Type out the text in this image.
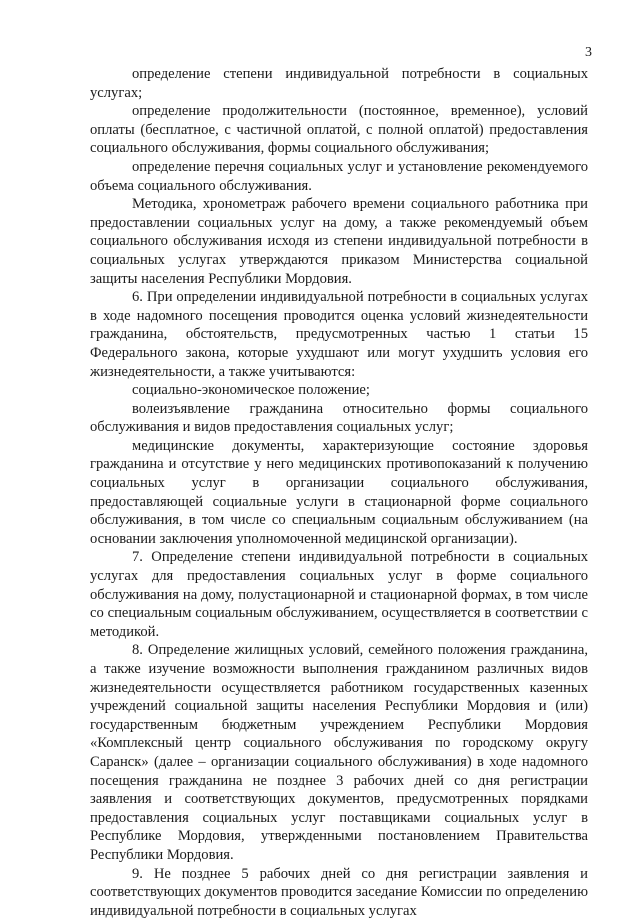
3

определение степени индивидуальной потребности в социальных услугах;

определение продолжительности (постоянное, временное), условий оплаты (бесплатное, с частичной оплатой, с полной оплатой) предоставления социального обслуживания, формы социального обслуживания;

определение перечня социальных услуг и установление рекомендуемого объема социального обслуживания.

Методика, хронометраж рабочего времени социального работника при предоставлении социальных услуг на дому, а также рекомендуемый объем социального обслуживания исходя из степени индивидуальной потребности в социальных услугах утверждаются приказом Министерства социальной защиты населения Республики Мордовия.

6. При определении индивидуальной потребности в социальных услугах в ходе надомного посещения проводится оценка условий жизнедеятельности гражданина, обстоятельств, предусмотренных частью 1 статьи 15 Федерального закона, которые ухудшают или могут ухудшить условия его жизнедеятельности, а также учитываются:

социально-экономическое положение;

волеизъявление гражданина относительно формы социального обслуживания и видов предоставления социальных услуг;

медицинские документы, характеризующие состояние здоровья гражданина и отсутствие у него медицинских противопоказаний к получению социальных услуг в организации социального обслуживания, предоставляющей социальные услуги в стационарной форме социального обслуживания, в том числе со специальным социальным обслуживанием (на основании заключения уполномоченной медицинской организации).

7. Определение степени индивидуальной потребности в социальных услугах для предоставления социальных услуг в форме социального обслуживания на дому, полустационарной и стационарной формах, в том числе со специальным социальным обслуживанием, осуществляется в соответствии с методикой.

8. Определение жилищных условий, семейного положения гражданина, а также изучение возможности выполнения гражданином различных видов жизнедеятельности осуществляется работником государственных казенных учреждений социальной защиты населения Республики Мордовия и (или) государственным бюджетным учреждением Республики Мордовия «Комплексный центр социального обслуживания по городскому округу Саранск» (далее – организации социального обслуживания) в ходе надомного посещения гражданина не позднее 3 рабочих дней со дня регистрации заявления и соответствующих документов, предусмотренных порядками предоставления социальных услуг поставщиками социальных услуг в Республике Мордовия, утвержденными постановлением Правительства Республики Мордовия.

9. Не позднее 5 рабочих дней со дня регистрации заявления и соответствующих документов проводится заседание Комиссии по определению индивидуальной потребности в социальных услугах
